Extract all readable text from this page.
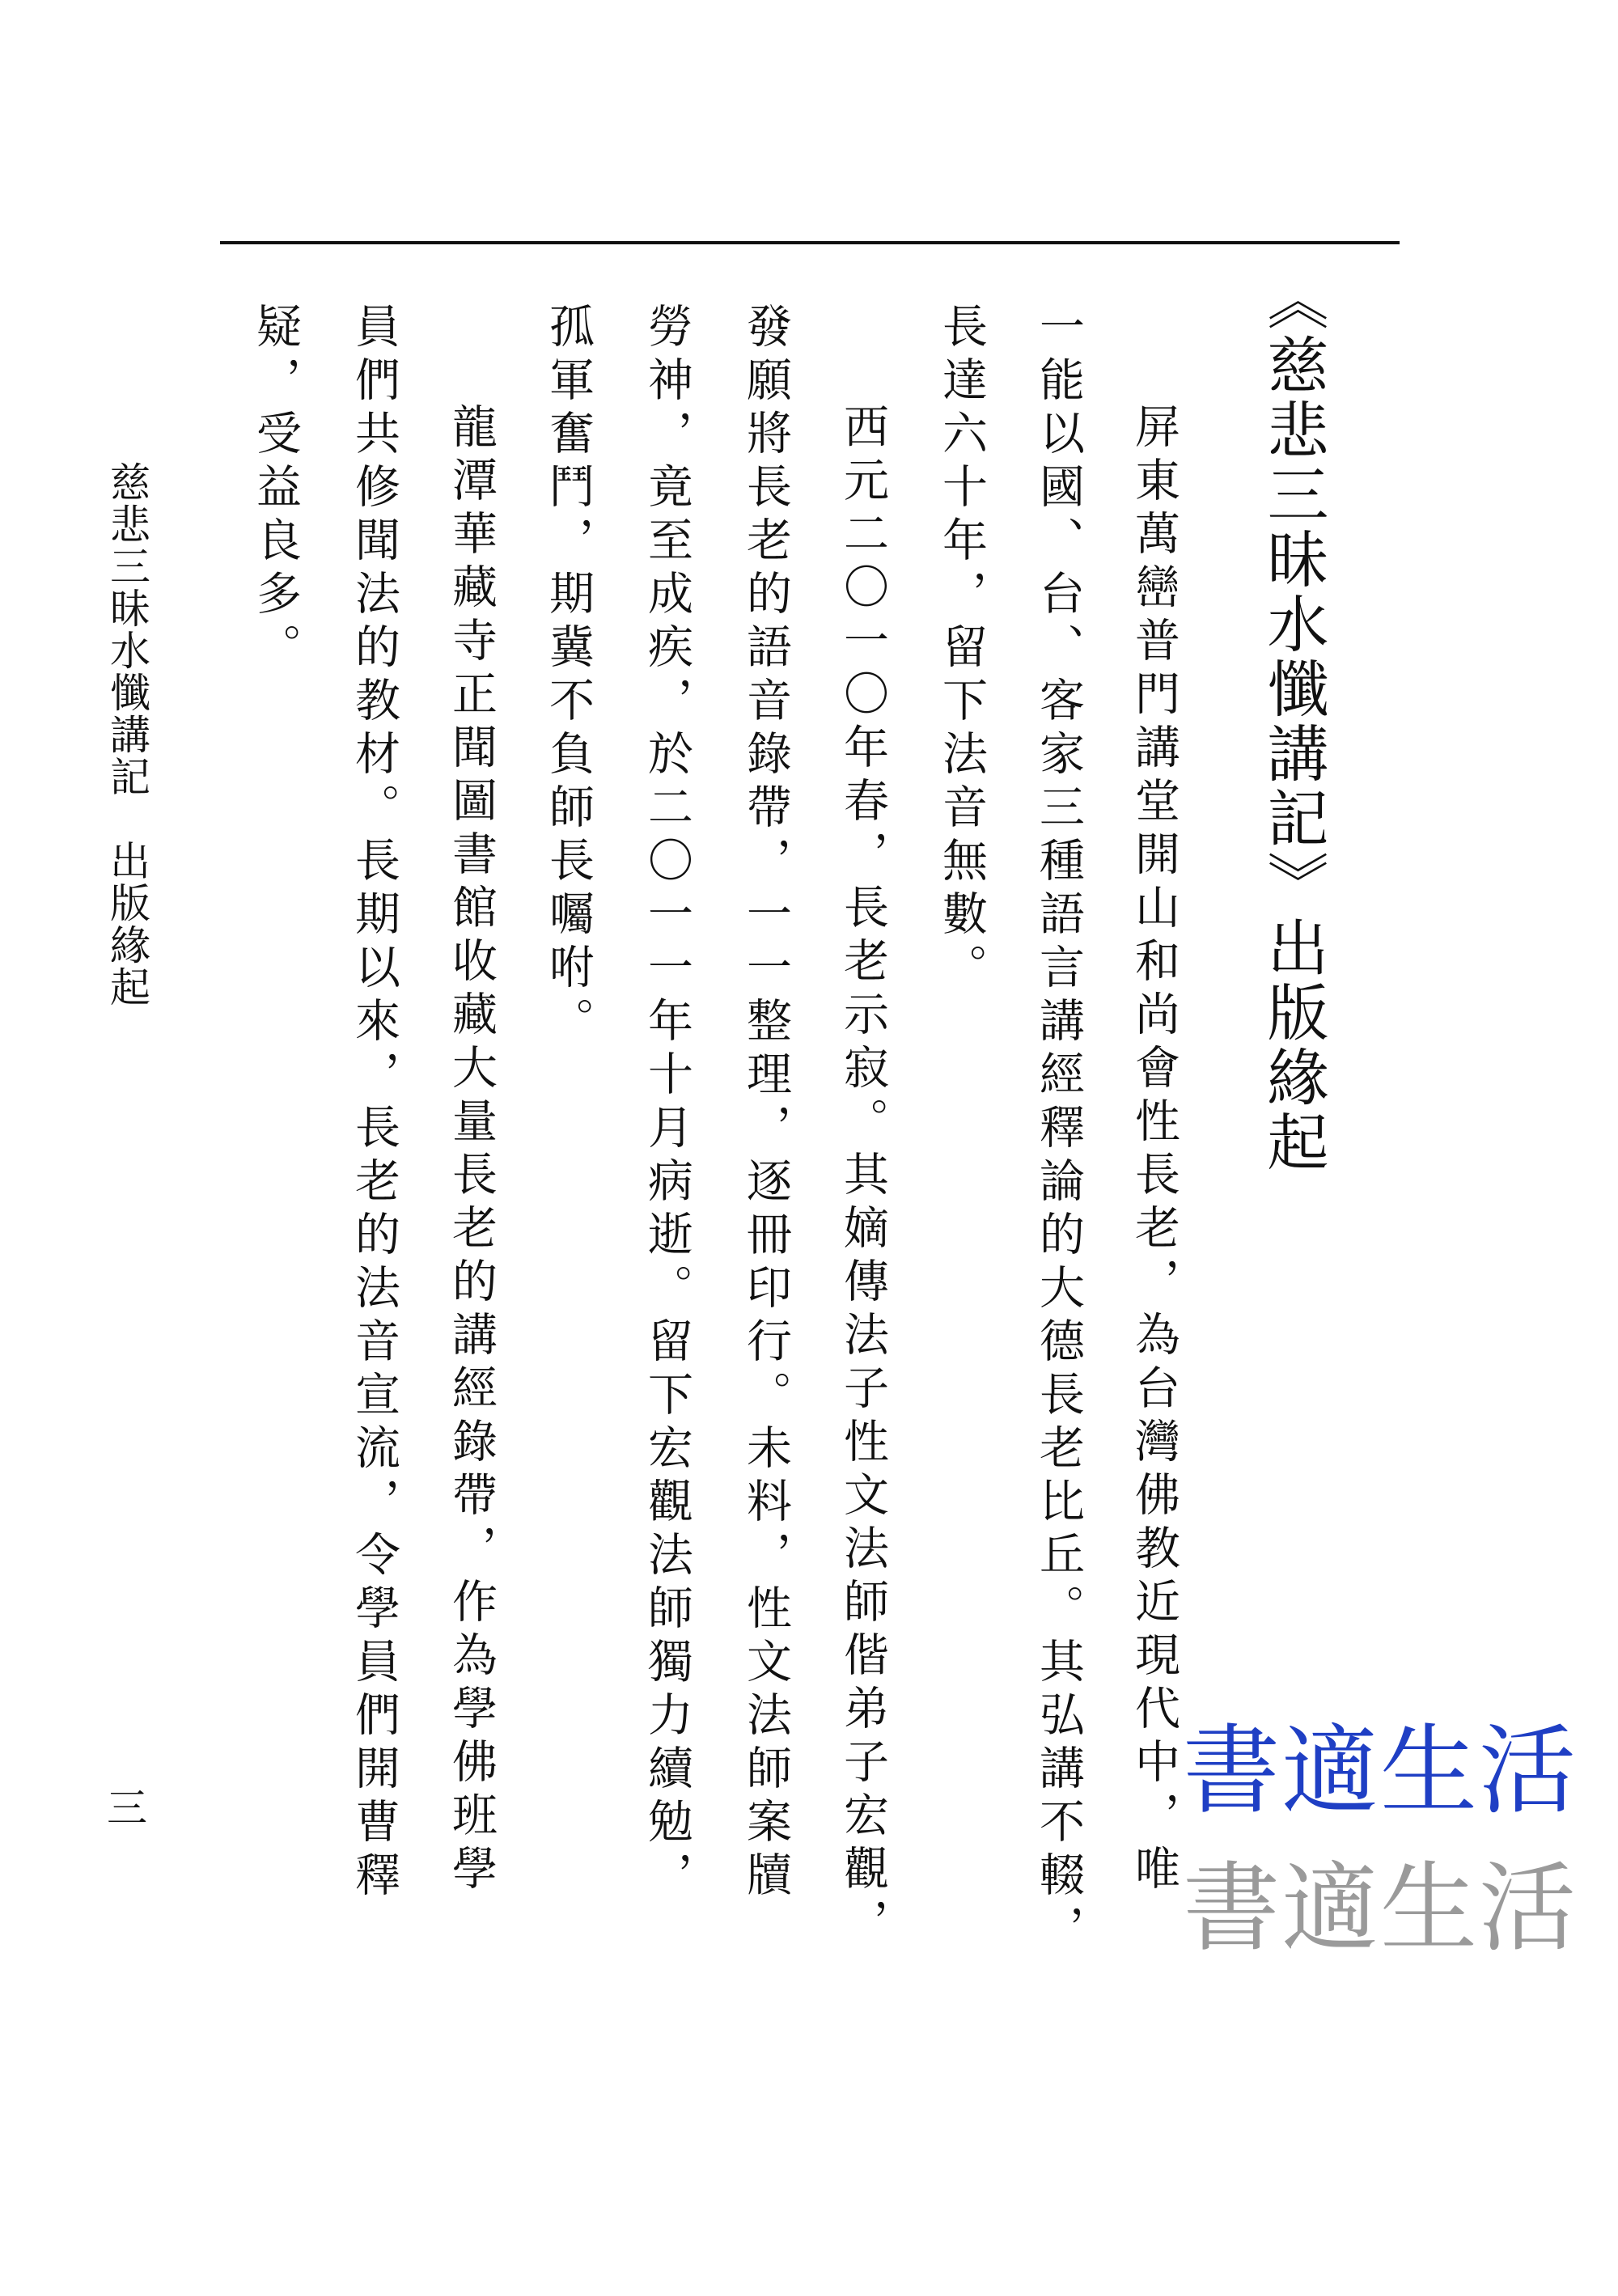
《慈悲三昧水懺講記》出版緣起
屏東萬巒普門講堂開山和尚會性長老，為台灣佛教近現代中，唯
一能以國、台、客家三種語言講經釋論的大德長老比丘。其弘講不輟，
長達六十年，留下法音無數。
西元二〇一〇年春，長老示寂。其嫡傳法子性文法師偕弟子宏觀，
發願將長老的語音錄帶，一一整理，逐冊印行。未料，性文法師案牘
勞神，竟至成疾，於二〇一一年十月病逝。留下宏觀法師獨力續勉，
孤軍奮鬥，期冀不負師長囑咐。
龍潭華藏寺正聞圖書館收藏大量長老的講經錄帶，作為學佛班學
員們共修聞法的教材。長期以來，長老的法音宣流，令學員們開曹釋
疑，受益良多。
慈悲三昧水懺講記　出版緣起
三	書適生活
書適生活
